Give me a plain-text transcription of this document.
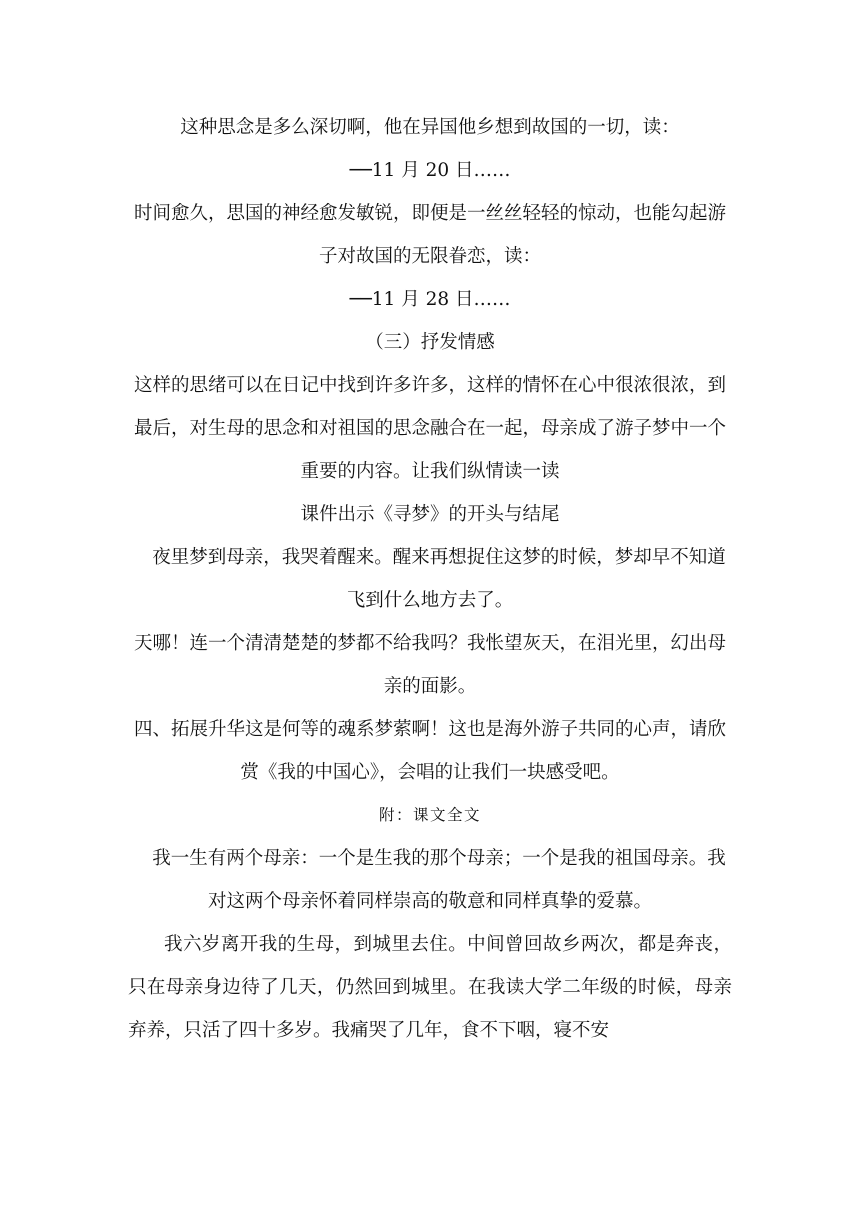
这种思念是多么深切啊，他在异国他乡想到故国的一切，读：

──11 月 20 日……

时间愈久，思国的神经愈发敏锐，即便是一丝丝轻轻的惊动，也能勾起游子对故国的无限眷恋，读：

──11 月 28 日……

（三）抒发情感

这样的思绪可以在日记中找到许多许多，这样的情怀在心中很浓很浓，到最后，对生母的思念和对祖国的思念融合在一起，母亲成了游子梦中一个重要的内容。让我们纵情读一读

课件出示《寻梦》的开头与结尾

夜里梦到母亲，我哭着醒来。醒来再想捉住这梦的时候，梦却早不知道飞到什么地方去了。

天哪！连一个清清楚楚的梦都不给我吗？我怅望灰天，在泪光里，幻出母亲的面影。

四、拓展升华这是何等的魂系梦萦啊！这也是海外游子共同的心声，请欣赏《我的中国心》，会唱的让我们一块感受吧。

附：课文全文

我一生有两个母亲：一个是生我的那个母亲；一个是我的祖国母亲。我对这两个母亲怀着同样崇高的敬意和同样真挚的爱慕。

我六岁离开我的生母，到城里去住。中间曾回故乡两次，都是奔丧，只在母亲身边待了几天，仍然回到城里。在我读大学二年级的时候，母亲弃养，只活了四十多岁。我痛哭了几年，食不下咽，寝不安
